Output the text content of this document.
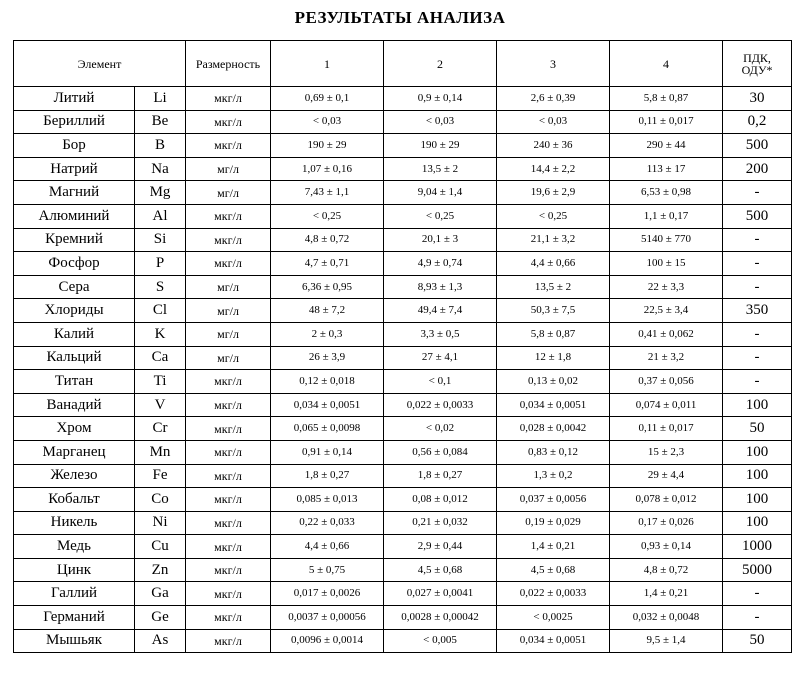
РЕЗУЛЬТАТЫ АНАЛИЗА
Элемент		Размерность	1	2	3	4	ПДК,
ОДУ*
Литий	Li	мкг/л	0,69 ± 0,1	0,9 ± 0,14	2,6 ± 0,39	5,8 ± 0,87	30
Бериллий	Be	мкг/л	< 0,03	< 0,03	< 0,03	0,11 ± 0,017	0,2
Бор	B	мкг/л	190 ± 29	190 ± 29	240 ± 36	290 ± 44	500
Натрий	Na	мг/л	1,07 ± 0,16	13,5 ± 2	14,4 ± 2,2	113 ± 17	200
Магний	Mg	мг/л	7,43 ± 1,1	9,04 ± 1,4	19,6 ± 2,9	6,53 ± 0,98	-
Алюминий	Al	мкг/л	< 0,25	< 0,25	< 0,25	1,1 ± 0,17	500
Кремний	Si	мкг/л	4,8 ± 0,72	20,1 ± 3	21,1 ± 3,2	5140 ± 770	-
Фосфор	P	мкг/л	4,7 ± 0,71	4,9 ± 0,74	4,4 ± 0,66	100 ± 15	-
Сера	S	мг/л	6,36 ± 0,95	8,93 ± 1,3	13,5 ± 2	22 ± 3,3	-
Хлориды	Cl	мг/л	48 ± 7,2	49,4 ± 7,4	50,3 ± 7,5	22,5 ± 3,4	350
Калий	K	мг/л	2 ± 0,3	3,3 ± 0,5	5,8 ± 0,87	0,41 ± 0,062	-
Кальций	Ca	мг/л	26 ± 3,9	27 ± 4,1	12 ± 1,8	21 ± 3,2	-
Титан	Ti	мкг/л	0,12 ± 0,018	< 0,1	0,13 ± 0,02	0,37 ± 0,056	-
Ванадий	V	мкг/л	0,034 ± 0,0051	0,022 ± 0,0033	0,034 ± 0,0051	0,074 ± 0,011	100
Хром	Cr	мкг/л	0,065 ± 0,0098	< 0,02	0,028 ± 0,0042	0,11 ± 0,017	50
Марганец	Mn	мкг/л	0,91 ± 0,14	0,56 ± 0,084	0,83 ± 0,12	15 ± 2,3	100
Железо	Fe	мкг/л	1,8 ± 0,27	1,8 ± 0,27	1,3 ± 0,2	29 ± 4,4	100
Кобальт	Co	мкг/л	0,085 ± 0,013	0,08 ± 0,012	0,037 ± 0,0056	0,078 ± 0,012	100
Никель	Ni	мкг/л	0,22 ± 0,033	0,21 ± 0,032	0,19 ± 0,029	0,17 ± 0,026	100
Медь	Cu	мкг/л	4,4 ± 0,66	2,9 ± 0,44	1,4 ± 0,21	0,93 ± 0,14	1000
Цинк	Zn	мкг/л	5 ± 0,75	4,5 ± 0,68	4,5 ± 0,68	4,8 ± 0,72	5000
Галлий	Ga	мкг/л	0,017 ± 0,0026	0,027 ± 0,0041	0,022 ± 0,0033	1,4 ± 0,21	-
Германий	Ge	мкг/л	0,0037 ± 0,00056	0,0028 ± 0,00042	< 0,0025	0,032 ± 0,0048	-
Мышьяк	As	мкг/л	0,0096 ± 0,0014	< 0,005	0,034 ± 0,0051	9,5 ± 1,4	50
